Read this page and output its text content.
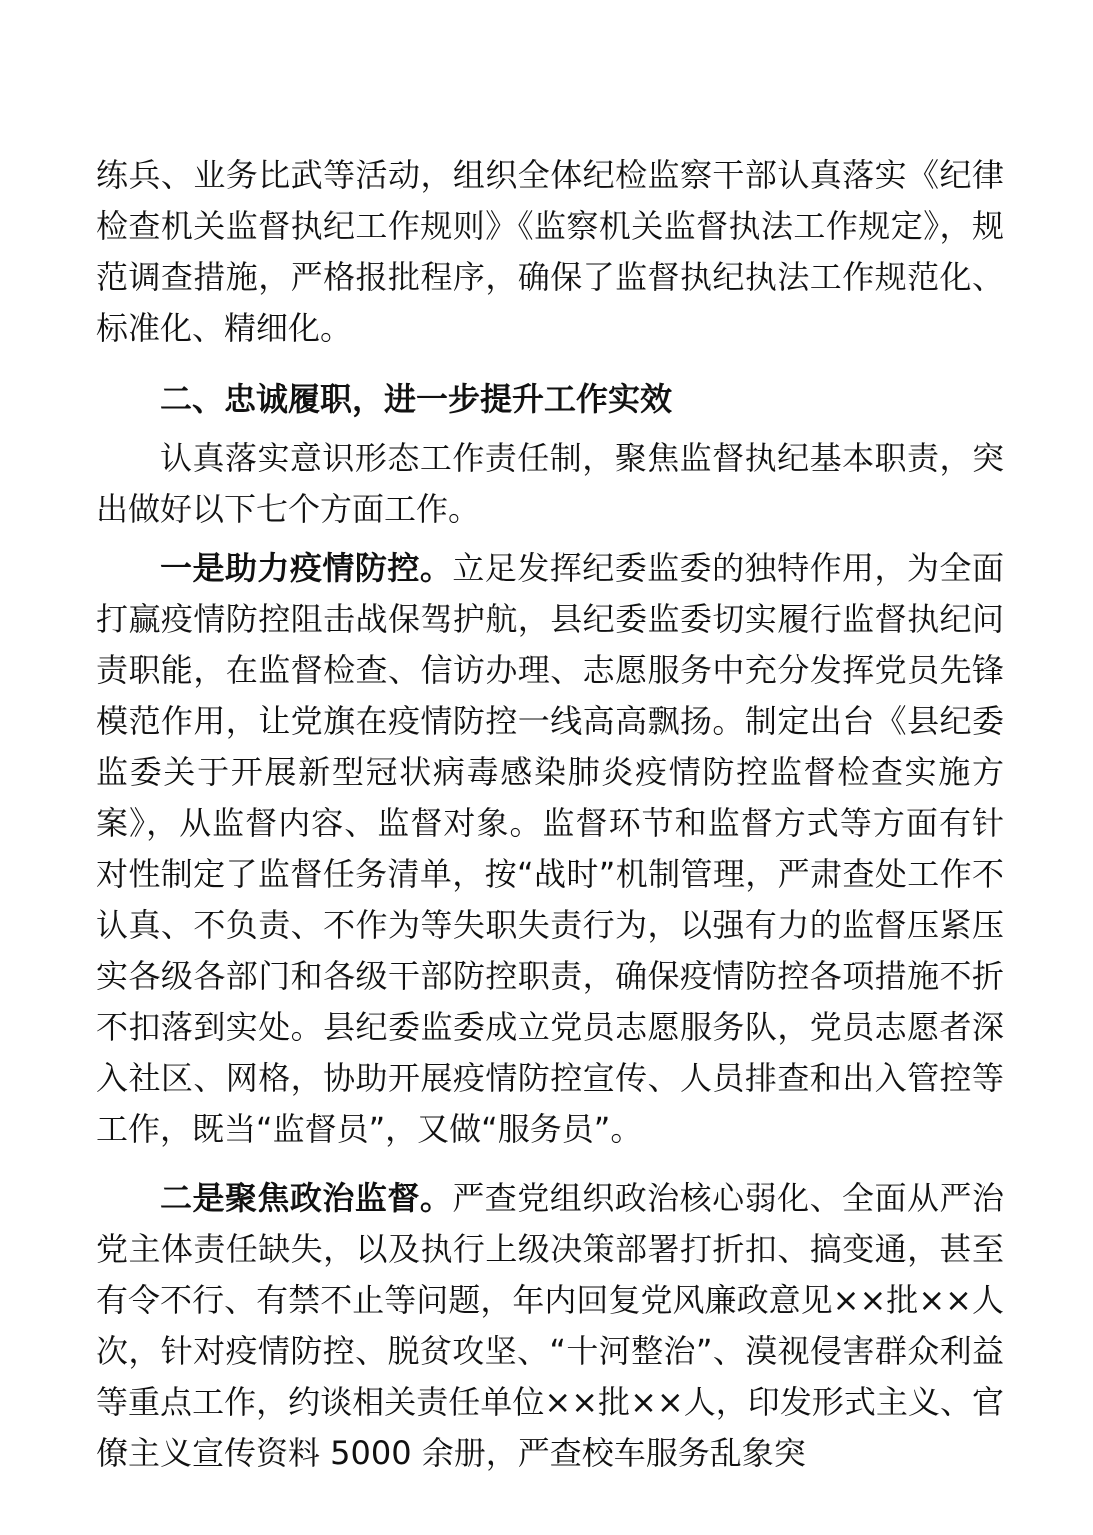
练兵、业务比武等活动，组织全体纪检监察干部认真落实《纪律检查机关监督执纪工作规则》《监察机关监督执法工作规定》，规范调查措施，严格报批程序，确保了监督执纪执法工作规范化、标准化、精细化。

二、忠诚履职，进一步提升工作实效

认真落实意识形态工作责任制，聚焦监督执纪基本职责，突出做好以下七个方面工作。

一是助力疫情防控。立足发挥纪委监委的独特作用，为全面打赢疫情防控阻击战保驾护航，县纪委监委切实履行监督执纪问责职能，在监督检查、信访办理、志愿服务中充分发挥党员先锋模范作用，让党旗在疫情防控一线高高飘扬。制定出台《县纪委监委关于开展新型冠状病毒感染肺炎疫情防控监督检查实施方案》，从监督内容、监督对象。监督环节和监督方式等方面有针对性制定了监督任务清单，按“战时”机制管理，严肃查处工作不认真、不负责、不作为等失职失责行为，以强有力的监督压紧压实各级各部门和各级干部防控职责，确保疫情防控各项措施不折不扣落到实处。县纪委监委成立党员志愿服务队，党员志愿者深入社区、网格，协助开展疫情防控宣传、人员排查和出入管控等工作，既当“监督员”，又做“服务员”。

二是聚焦政治监督。严查党组织政治核心弱化、全面从严治党主体责任缺失，以及执行上级决策部署打折扣、搞变通，甚至有令不行、有禁不止等问题，年内回复党风廉政意见××批××人次，针对疫情防控、脱贫攻坚、“十河整治”、漠视侵害群众利益等重点工作，约谈相关责任单位××批××人，印发形式主义、官僚主义宣传资料 5000 余册，严查校车服务乱象突
